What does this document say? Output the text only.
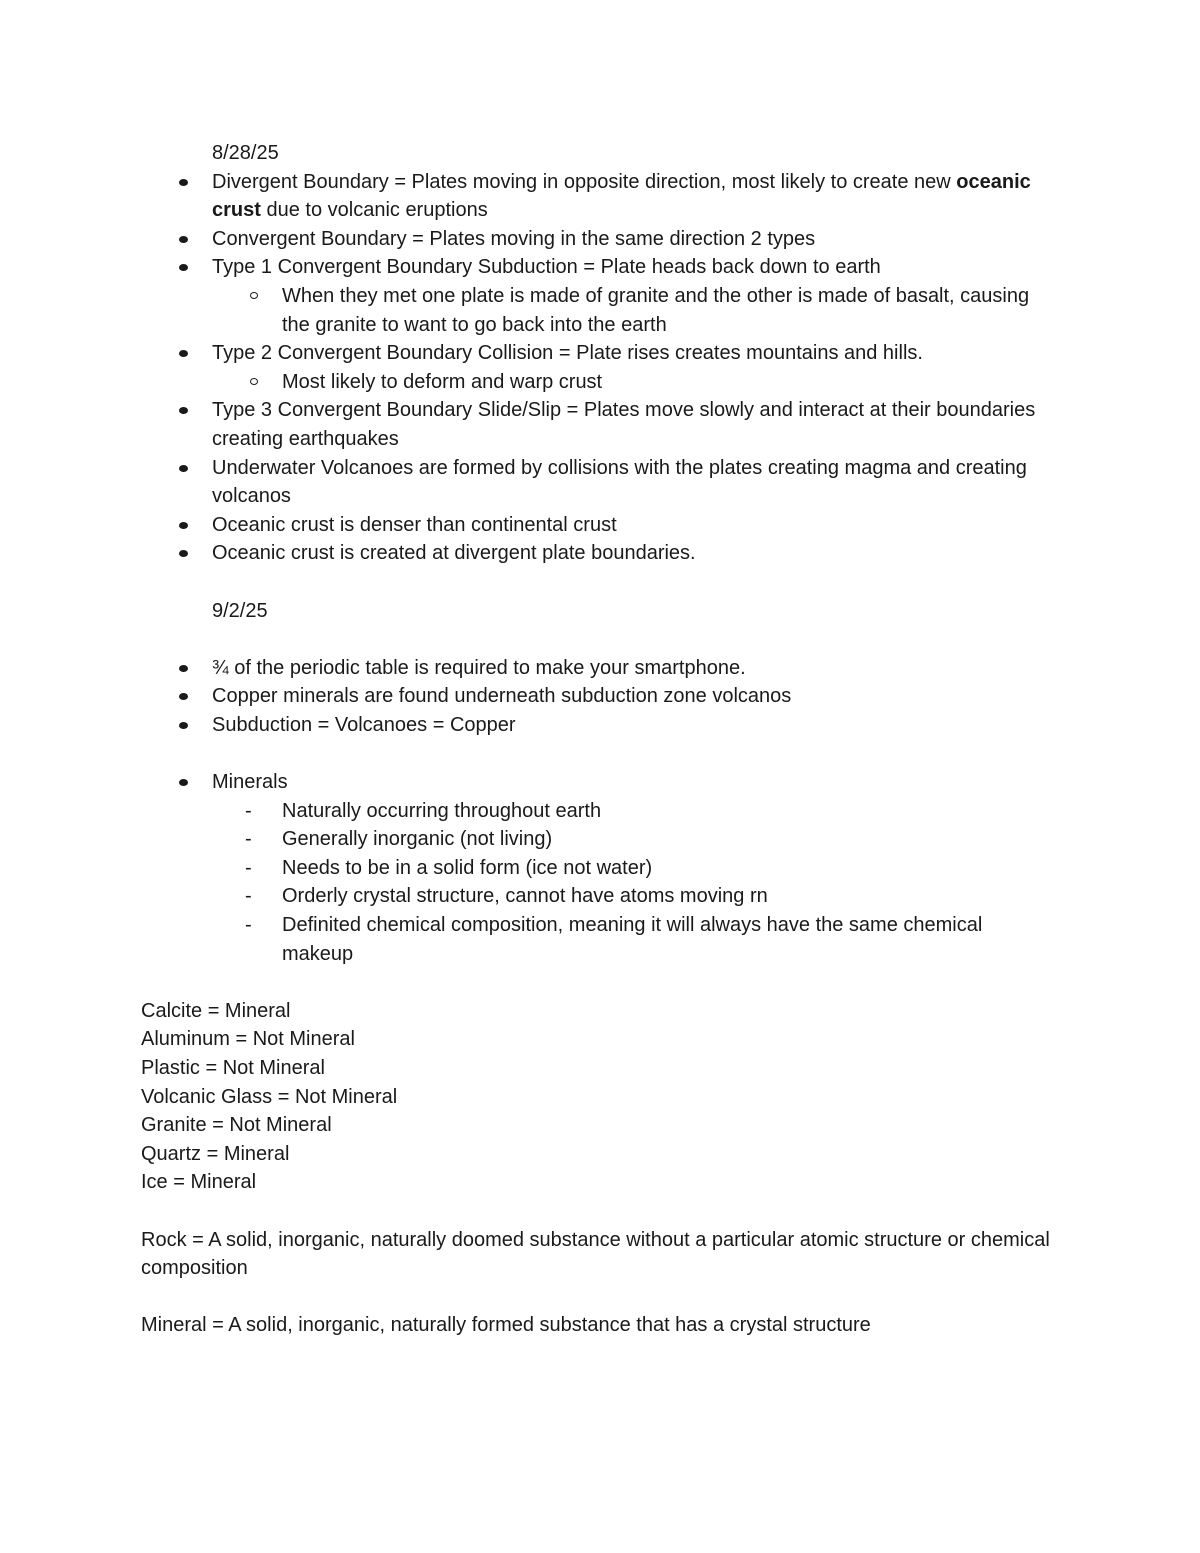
8/28/25

Divergent Boundary = Plates moving in opposite direction, most likely to create new oceanic crust due to volcanic eruptions
Convergent Boundary = Plates moving in the same direction 2 types
Type 1 Convergent Boundary Subduction = Plate heads back down to earth
When they met one plate is made of granite and the other is made of basalt, causing the granite to want to go back into the earth
Type 2 Convergent Boundary Collision = Plate rises creates mountains and hills.
Most likely to deform and warp crust
Type 3 Convergent Boundary Slide/Slip = Plates move slowly and interact at their boundaries creating earthquakes
Underwater Volcanoes are formed by collisions with the plates creating magma and creating volcanos
Oceanic crust is denser than continental crust
Oceanic crust is created at divergent plate boundaries.

9/2/25

¾ of the periodic table is required to make your smartphone.
Copper minerals are found underneath subduction zone volcanos
Subduction = Volcanoes = Copper
Minerals
- Naturally occurring throughout earth
- Generally inorganic (not living)
- Needs to be in a solid form (ice not water)
- Orderly crystal structure, cannot have atoms moving rn
- Definited chemical composition, meaning it will always have the same chemical makeup

Calcite = Mineral

Aluminum = Not Mineral

Plastic = Not Mineral

Volcanic Glass = Not Mineral

Granite = Not Mineral

Quartz = Mineral

Ice = Mineral

Rock = A solid, inorganic, naturally doomed substance without a particular atomic structure or chemical composition

Mineral = A solid, inorganic, naturally formed substance that has a crystal structure
